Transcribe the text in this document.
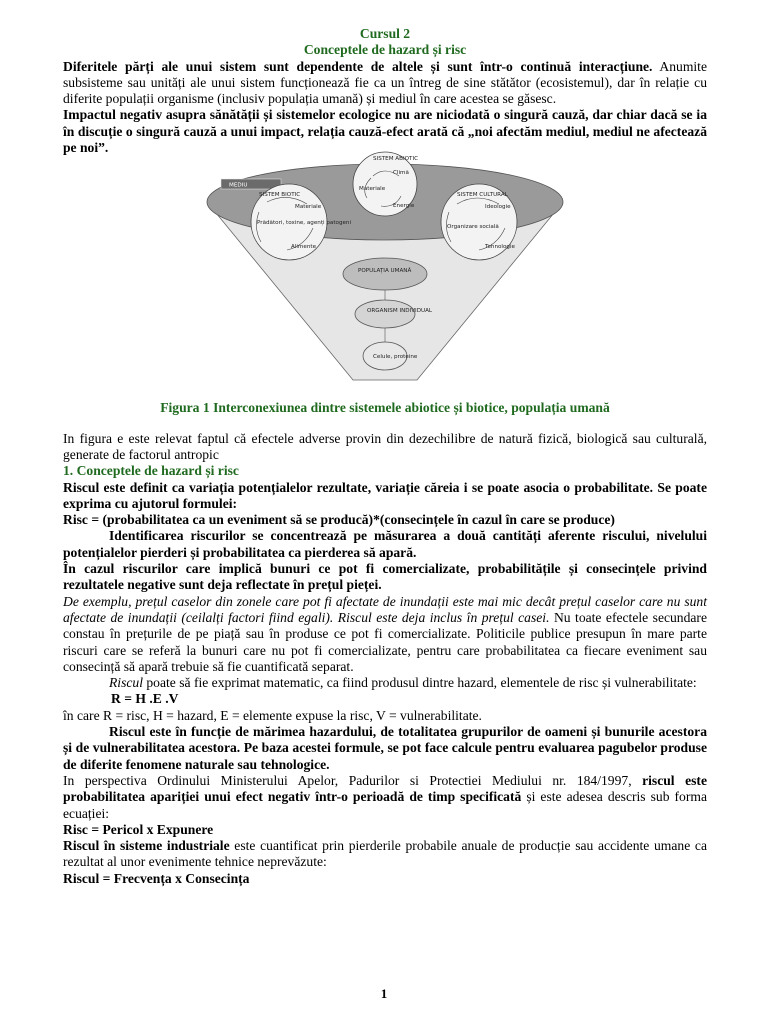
Cursul 2
Conceptele de hazard și risc

Diferitele părți ale unui sistem sunt dependente de altele și sunt într-o continuă interacțiune. Anumite subsisteme sau unități ale unui sistem funcționează fie ca un întreg de sine stătător (ecosistemul), dar în relație cu diferite populații organisme (inclusiv populația umană) și mediul în care acestea se găsesc.

Impactul negativ asupra sănătății și sistemelor ecologice nu are niciodată o singură cauză, dar chiar dacă se ia în discuție o singură cauză a unui impact, relația cauză-efect arată că „noi afectăm mediul, mediul ne afectează pe noi”.

MEDIU
SISTEM ABIOTIC
Climă
Materiale
Energie
SISTEM BIOTIC
Materiale
Prădători, toxine, agenți patogeni
Alimente
SISTEM CULTURAL
Ideologie
Organizare socială
Tehnologie
POPULAȚIA UMANĂ
ORGANISM INDIVIDUAL
Celule, proteine
Figura 1 Interconexiunea dintre sistemele abiotice și biotice, populația umană

In figura e este relevat faptul că efectele adverse provin din dezechilibre de natură fizică, biologică sau culturală, generate de factorul antropic

1. Conceptele de hazard și risc

Riscul este definit ca variația potențialelor rezultate, variație căreia i se poate asocia o probabilitate. Se poate exprima cu ajutorul formulei:

Risc = (probabilitatea ca un eveniment să se producă)*(consecințele în cazul în care se produce)

Identificarea riscurilor se concentrează pe măsurarea a două cantități aferente riscului, nivelului potențialelor pierderi și probabilitatea ca pierderea să apară.

În cazul riscurilor care implică bunuri ce pot fi comercializate, probabilitățile și consecințele privind rezultatele negative sunt deja reflectate în prețul pieței.

De exemplu, prețul caselor din zonele care pot fi afectate de inundații este mai mic decât prețul caselor care nu sunt afectate de inundații (ceilalți factori fiind egali). Riscul este deja inclus în prețul casei. Nu toate efectele secundare constau în prețurile de pe piață sau în produse ce pot fi comercializate. Politicile publice presupun în mare parte riscuri care se referă la bunuri care nu pot fi comercializate, pentru care probabilitatea ca fiecare eveniment sau consecință să apară trebuie să fie cuantificată separat.

Riscul poate să fie exprimat matematic, ca fiind produsul dintre hazard, elementele de risc și vulnerabilitate:

R = H .E .V

în care R = risc, H = hazard, E = elemente expuse la risc, V = vulnerabilitate.

Riscul este în funcție de mărimea hazardului, de totalitatea grupurilor de oameni și bunurile acestora și de vulnerabilitatea acestora. Pe baza acestei formule, se pot face calcule pentru evaluarea pagubelor produse de diferite fenomene naturale sau tehnologice.

In perspectiva Ordinului Ministerului Apelor, Padurilor si Protectiei Mediului nr. 184/1997, riscul este probabilitatea apariției unui efect negativ într-o perioadă de timp specificată și este adesea descris sub forma ecuației:

Risc = Pericol x Expunere

Riscul în sisteme industriale este cuantificat prin pierderile probabile anuale de producție sau accidente umane ca rezultat al unor evenimente tehnice neprevăzute:

Riscul = Frecvența x Consecința

1
